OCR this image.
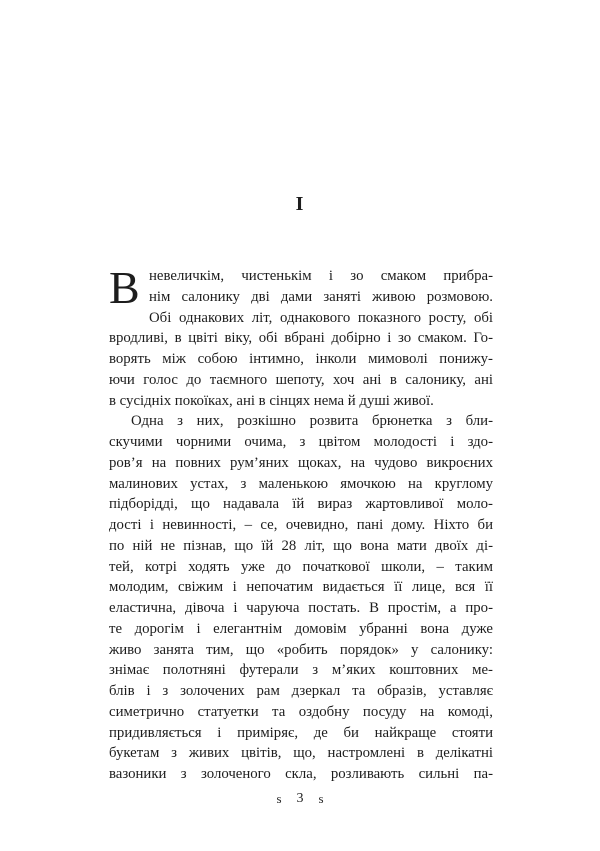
І
В невеличкім, чистенькім і зо смаком прибра-
нім салонику дві дами заняті живою розмовою.
Обі однакових літ, однакового показного росту, обі
вродливі, в цвіті віку, обі вбрані добірно і зо смаком. Го-
ворять між собою інтимно, інколи мимоволі понижу-
ючи голос до таємного шепоту, хоч ані в салонику, ані
в сусідніх покоїках, ані в сінцях нема й душі живої.
Одна з них, розкішно розвита брюнетка з бли-
скучими чорними очима, з цвітом молодості і здо-
ров’я на повних рум’яних щоках, на чудово викроєних
малинових устах, з маленькою ямочкою на круглому
підборідді, що надавала їй вираз жартовливої моло-
дості і невинності, – се, очевидно, пані дому. Ніхто би
по ній не пізнав, що їй 28 літ, що вона мати двоїх ді-
тей, котрі ходять уже до початкової школи, – таким
молодим, свіжим і непочатим видається її лице, вся її
еластична, дівоча і чаруюча постать. В простім, а про-
те дорогім і елегантнім домовім убранні вона дуже
живо занята тим, що «робить порядок» у салонику:
знімає полотняні футерали з м’яких коштовних ме-
блів і з золочених рам дзеркал та образів, уставляє
симетрично статуетки та оздобну посуду на комоді,
придивляється і приміряє, де би найкраще стояти
букетам з живих цвітів, що, настромлені в делікатні
вазоники з золоченого скла, розливають сильні па-
ѕ 3 ѕ
